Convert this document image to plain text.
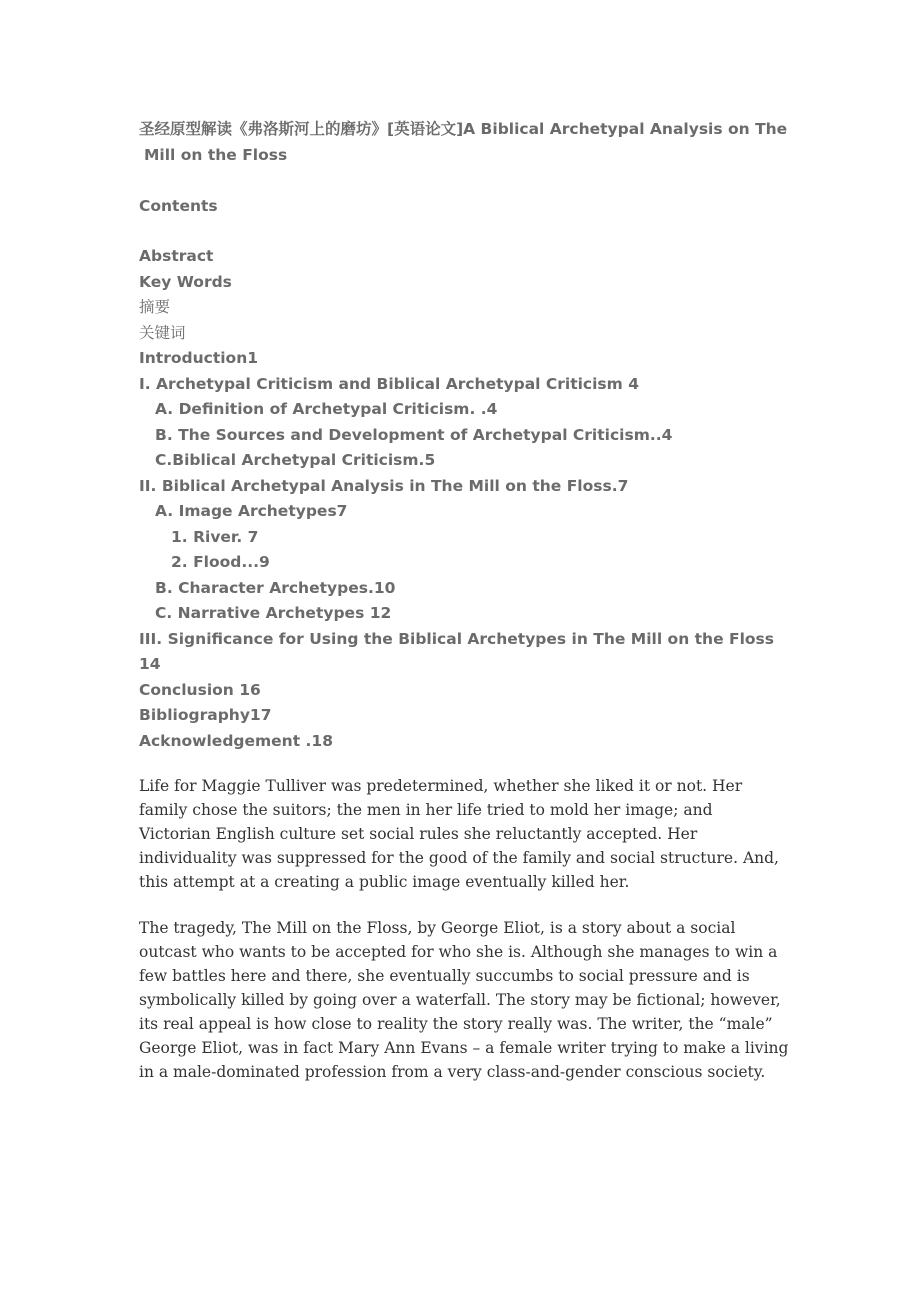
圣经原型解读《弗洛斯河上的磨坊》[英语论文]A Biblical Archetypal Analysis on The
Mill on the Floss

Contents
Abstract
Key Words
摘要
关键词
Introduction1
I. Archetypal Criticism and Biblical Archetypal Criticism 4
A. Definition of Archetypal Criticism. .4
B. The Sources and Development of Archetypal Criticism..4
C.Biblical Archetypal Criticism.5
II. Biblical Archetypal Analysis in The Mill on the Floss.7
A. Image Archetypes7
1. River. 7
2. Flood...9
B. Character Archetypes.10
C. Narrative Archetypes 12
III. Significance for Using the Biblical Archetypes in The Mill on the Floss 14
Conclusion 16
Bibliography17
Acknowledgement .18

Life for Maggie Tulliver was predetermined, whether she liked it or not. Her family chose the suitors; the men in her life tried to mold her image; and Victorian English culture set social rules she reluctantly accepted. Her individuality was suppressed for the good of the family and social structure. And, this attempt at a creating a public image eventually killed her.

The tragedy, The Mill on the Floss, by George Eliot, is a story about a social outcast who wants to be accepted for who she is. Although she manages to win a few battles here and there, she eventually succumbs to social pressure and is symbolically killed by going over a waterfall. The story may be fictional; however, its real appeal is how close to reality the story really was. The writer, the “male” George Eliot, was in fact Mary Ann Evans – a female writer trying to make a living in a male-dominated profession from a very class-and-gender conscious society.
